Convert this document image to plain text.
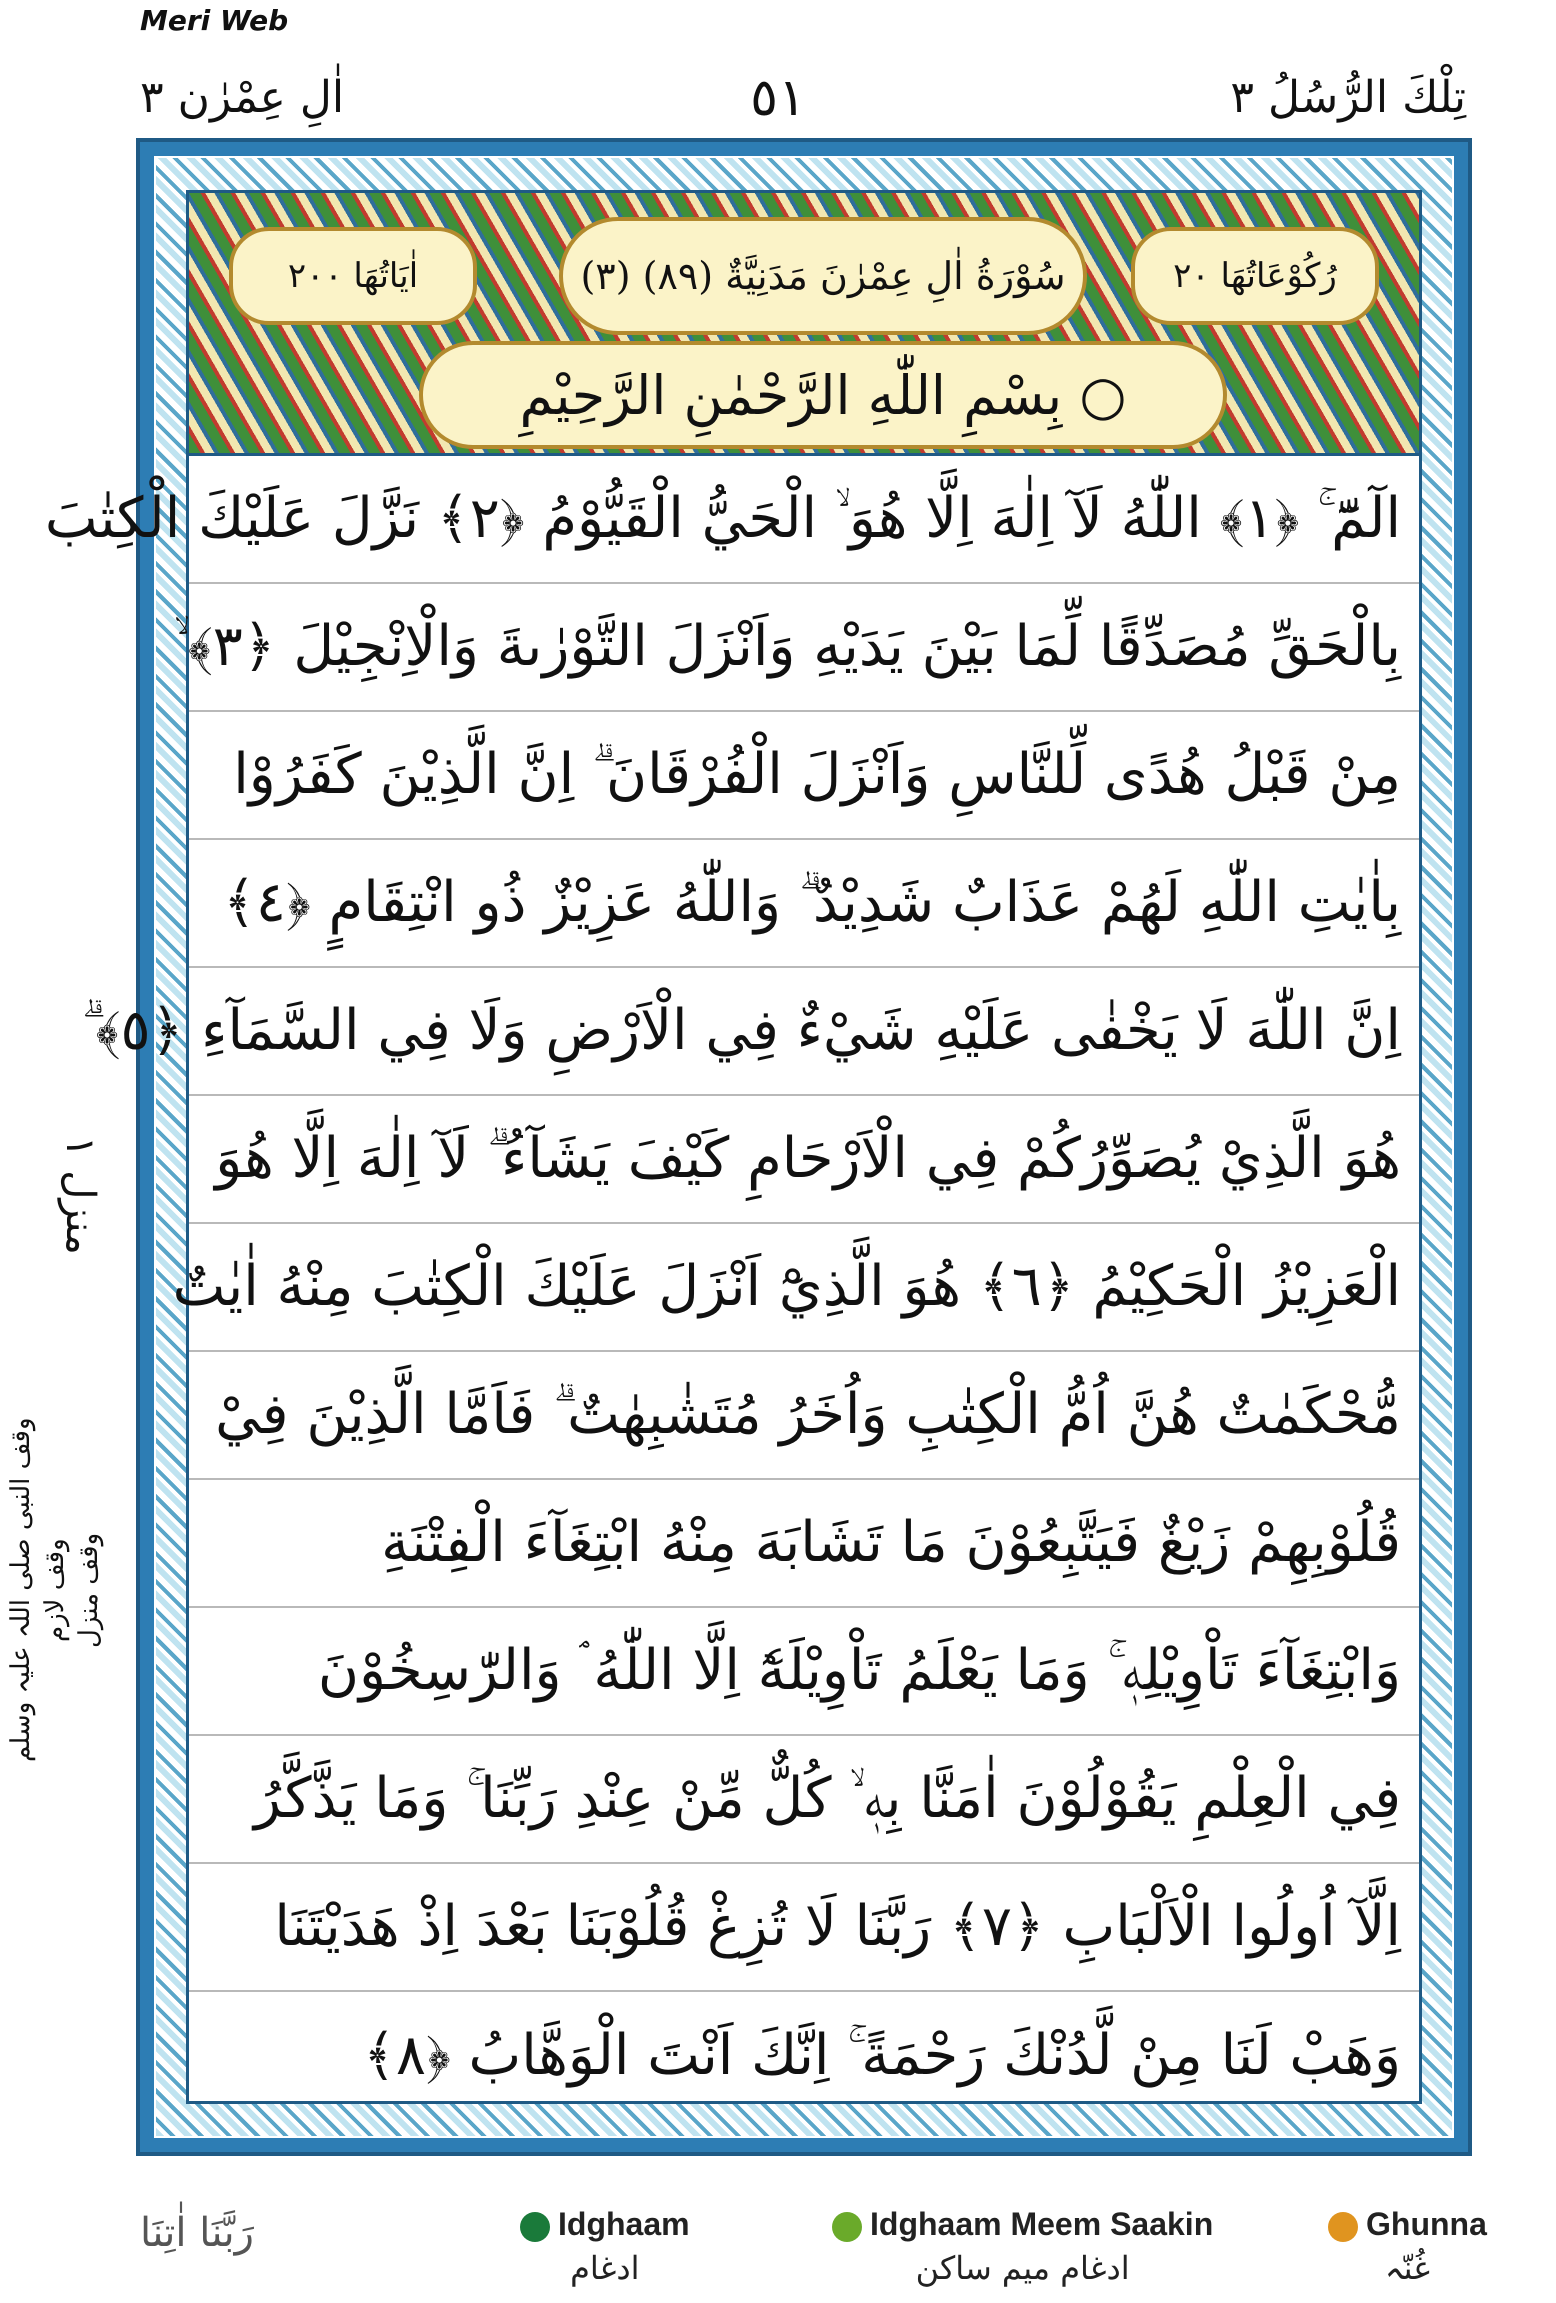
Meri Web
تِلْكَ الرُّسُلُ ٣
٥١
اٰلِ عِمْرٰن ٣
رُكُوْعَاتُهَا ٢٠
(٣) سُوْرَةُ اٰلِ عِمْرٰنَ مَدَنِيَّةٌ (٨٩)
اٰيَاتُهَا ٢٠٠
بِسْمِ اللّٰهِ الرَّحْمٰنِ الرَّحِيْمِ ○
الٓمّٓ ۚ ﴿١﴾ اللّٰهُ لَآ اِلٰهَ اِلَّا هُوَ ۙ الْحَيُّ الْقَيُّوْمُ ﴿٢﴾ نَزَّلَ عَلَيْكَ الْكِتٰبَ
بِالْحَقِّ مُصَدِّقًا لِّمَا بَيْنَ يَدَيْهِ وَاَنْزَلَ التَّوْرٰىةَ وَالْاِنْجِيْلَ ﴿٣﴾ ۙ
مِنْ قَبْلُ هُدًى لِّلنَّاسِ وَاَنْزَلَ الْفُرْقَانَ ۗ اِنَّ الَّذِيْنَ كَفَرُوْا
بِاٰيٰتِ اللّٰهِ لَهُمْ عَذَابٌ شَدِيْدٌ ۗ وَاللّٰهُ عَزِيْزٌ ذُو انْتِقَامٍ ﴿٤﴾
اِنَّ اللّٰهَ لَا يَخْفٰى عَلَيْهِ شَيْءٌ فِي الْاَرْضِ وَلَا فِي السَّمَآءِ ﴿٥﴾ ۗ
هُوَ الَّذِيْ يُصَوِّرُكُمْ فِي الْاَرْحَامِ كَيْفَ يَشَآءُ ۗ لَآ اِلٰهَ اِلَّا هُوَ
الْعَزِيْزُ الْحَكِيْمُ ﴿٦﴾ هُوَ الَّذِيْٓ اَنْزَلَ عَلَيْكَ الْكِتٰبَ مِنْهُ اٰيٰتٌ
مُّحْكَمٰتٌ هُنَّ اُمُّ الْكِتٰبِ وَاُخَرُ مُتَشٰبِهٰتٌ ۗ فَاَمَّا الَّذِيْنَ فِيْ
قُلُوْبِهِمْ زَيْغٌ فَيَتَّبِعُوْنَ مَا تَشَابَهَ مِنْهُ ابْتِغَآءَ الْفِتْنَةِ
وَابْتِغَآءَ تَاْوِيْلِهٖ ۚ وَمَا يَعْلَمُ تَاْوِيْلَهٗٓ اِلَّا اللّٰهُ ۘ وَالرّٰسِخُوْنَ
فِي الْعِلْمِ يَقُوْلُوْنَ اٰمَنَّا بِهٖ ۙ كُلٌّ مِّنْ عِنْدِ رَبِّنَا ۚ وَمَا يَذَّكَّرُ
اِلَّآ اُولُوا الْاَلْبَابِ ﴿٧﴾ رَبَّنَا لَا تُزِغْ قُلُوْبَنَا بَعْدَ اِذْ هَدَيْتَنَا
وَهَبْ لَنَا مِنْ لَّدُنْكَ رَحْمَةً ۚ اِنَّكَ اَنْتَ الْوَهَّابُ ﴿٨﴾
منزل ١
وقف النبی صلی اللہ علیہ وسلم وقف لازم وقف منزل
رَبَّنَا اٰتِنَا	Idghaam
ادغام
Idghaam Meem Saakin
ادغام میم ساکن
Ghunna
غُنّہ
